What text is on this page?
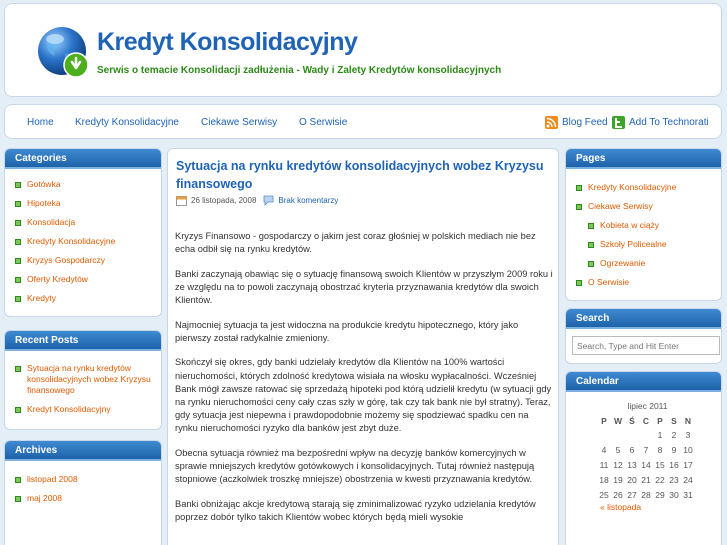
Kredyt Konsolidacyjny
Serwis o temacie Konsolidacji zadłużenia - Wady i Zalety Kredytów konsolidacyjnych
Home Kredyty Konsolidacyjne Ciekawe Serwisy O Serwisie	Blog Feed Add To Technorati
Categories
Gotówka
Hipoteka
Konsolidacja
Kredyty Konsolidacyjne
Kryzys Gospodarczy
Oferty Kredytów
Kredyty
Recent Posts
Sytuacja na rynku kredytów konsolidacyjnych wobez Kryzysu finansowego
Kredyt Konsolidacyjny
Archives
listopad 2008
maj 2008
Sytuacja na rynku kredytów konsolidacyjnych wobez Kryzysu finansowego
26 listopada, 2008	Brak komentarzy

Kryzys Finansowo - gospodarczy o jakim jest coraz głośniej w polskich mediach nie bez echa odbił się na rynku kredytów.

Banki zaczynają obawiąc się o sytuację finansową swoich Klientów w przyszłym 2009 roku i ze względu na to powoli zaczynają obostrzać kryteria przyznawania kredytów dla swoich Klientów.

Najmocniej sytuacja ta jest widoczna na produkcie kredytu hipotecznego, który jako pierwszy został radykalnie zmieniony.

Skończył się okres, gdy banki udzielały kredytów dla Klientów na 100% wartości nieruchomości, których zdolność kredytowa wisiała na włosku wypłacalności. Wcześniej Bank mógł zawsze ratować się sprzedażą hipoteki pod którą udzielił kredytu (w sytuacji gdy na rynku nieruchomości ceny cały czas szły w górę, tak czy tak bank nie był stratny). Teraz, gdy sytuacja jest niepewna i prawdopodobnie możemy się spodziewać spadku cen na rynku nieruchomości ryzyko dla banków jest zbyt duże.

Obecna sytuacja również ma bezpośredni wpływ na decyzję banków komercyjnych w sprawie mniejszych kredytów gotówkowych i konsolidacyjnych. Tutaj również następują stopniowe (aczkolwiek troszkę mniejsze) obostrzenia w kwesti przyznawania kredytów.

Banki obniżając akcje kredytową starają się zminimalizować ryzyko udzielania kredytów poprzez dobór tylko takich Klientów wobec których będą mieli wysokie

Pages
Kredyty Konsolidacyjne
Ciekawe Serwisy
Kobieta w ciąży
Szkoły Policealne
Ogrzewanie
O Serwisie
Search
Search, Type and Hit Enter
Calendar
lipiec 2011
P	W	Ś	C	P	S	N
				1	2	3
4	5	6	7	8	9	10
11	12	13	14	15	16	17
18	19	20	21	22	23	24
25	26	27	28	29	30	31
« listopada
